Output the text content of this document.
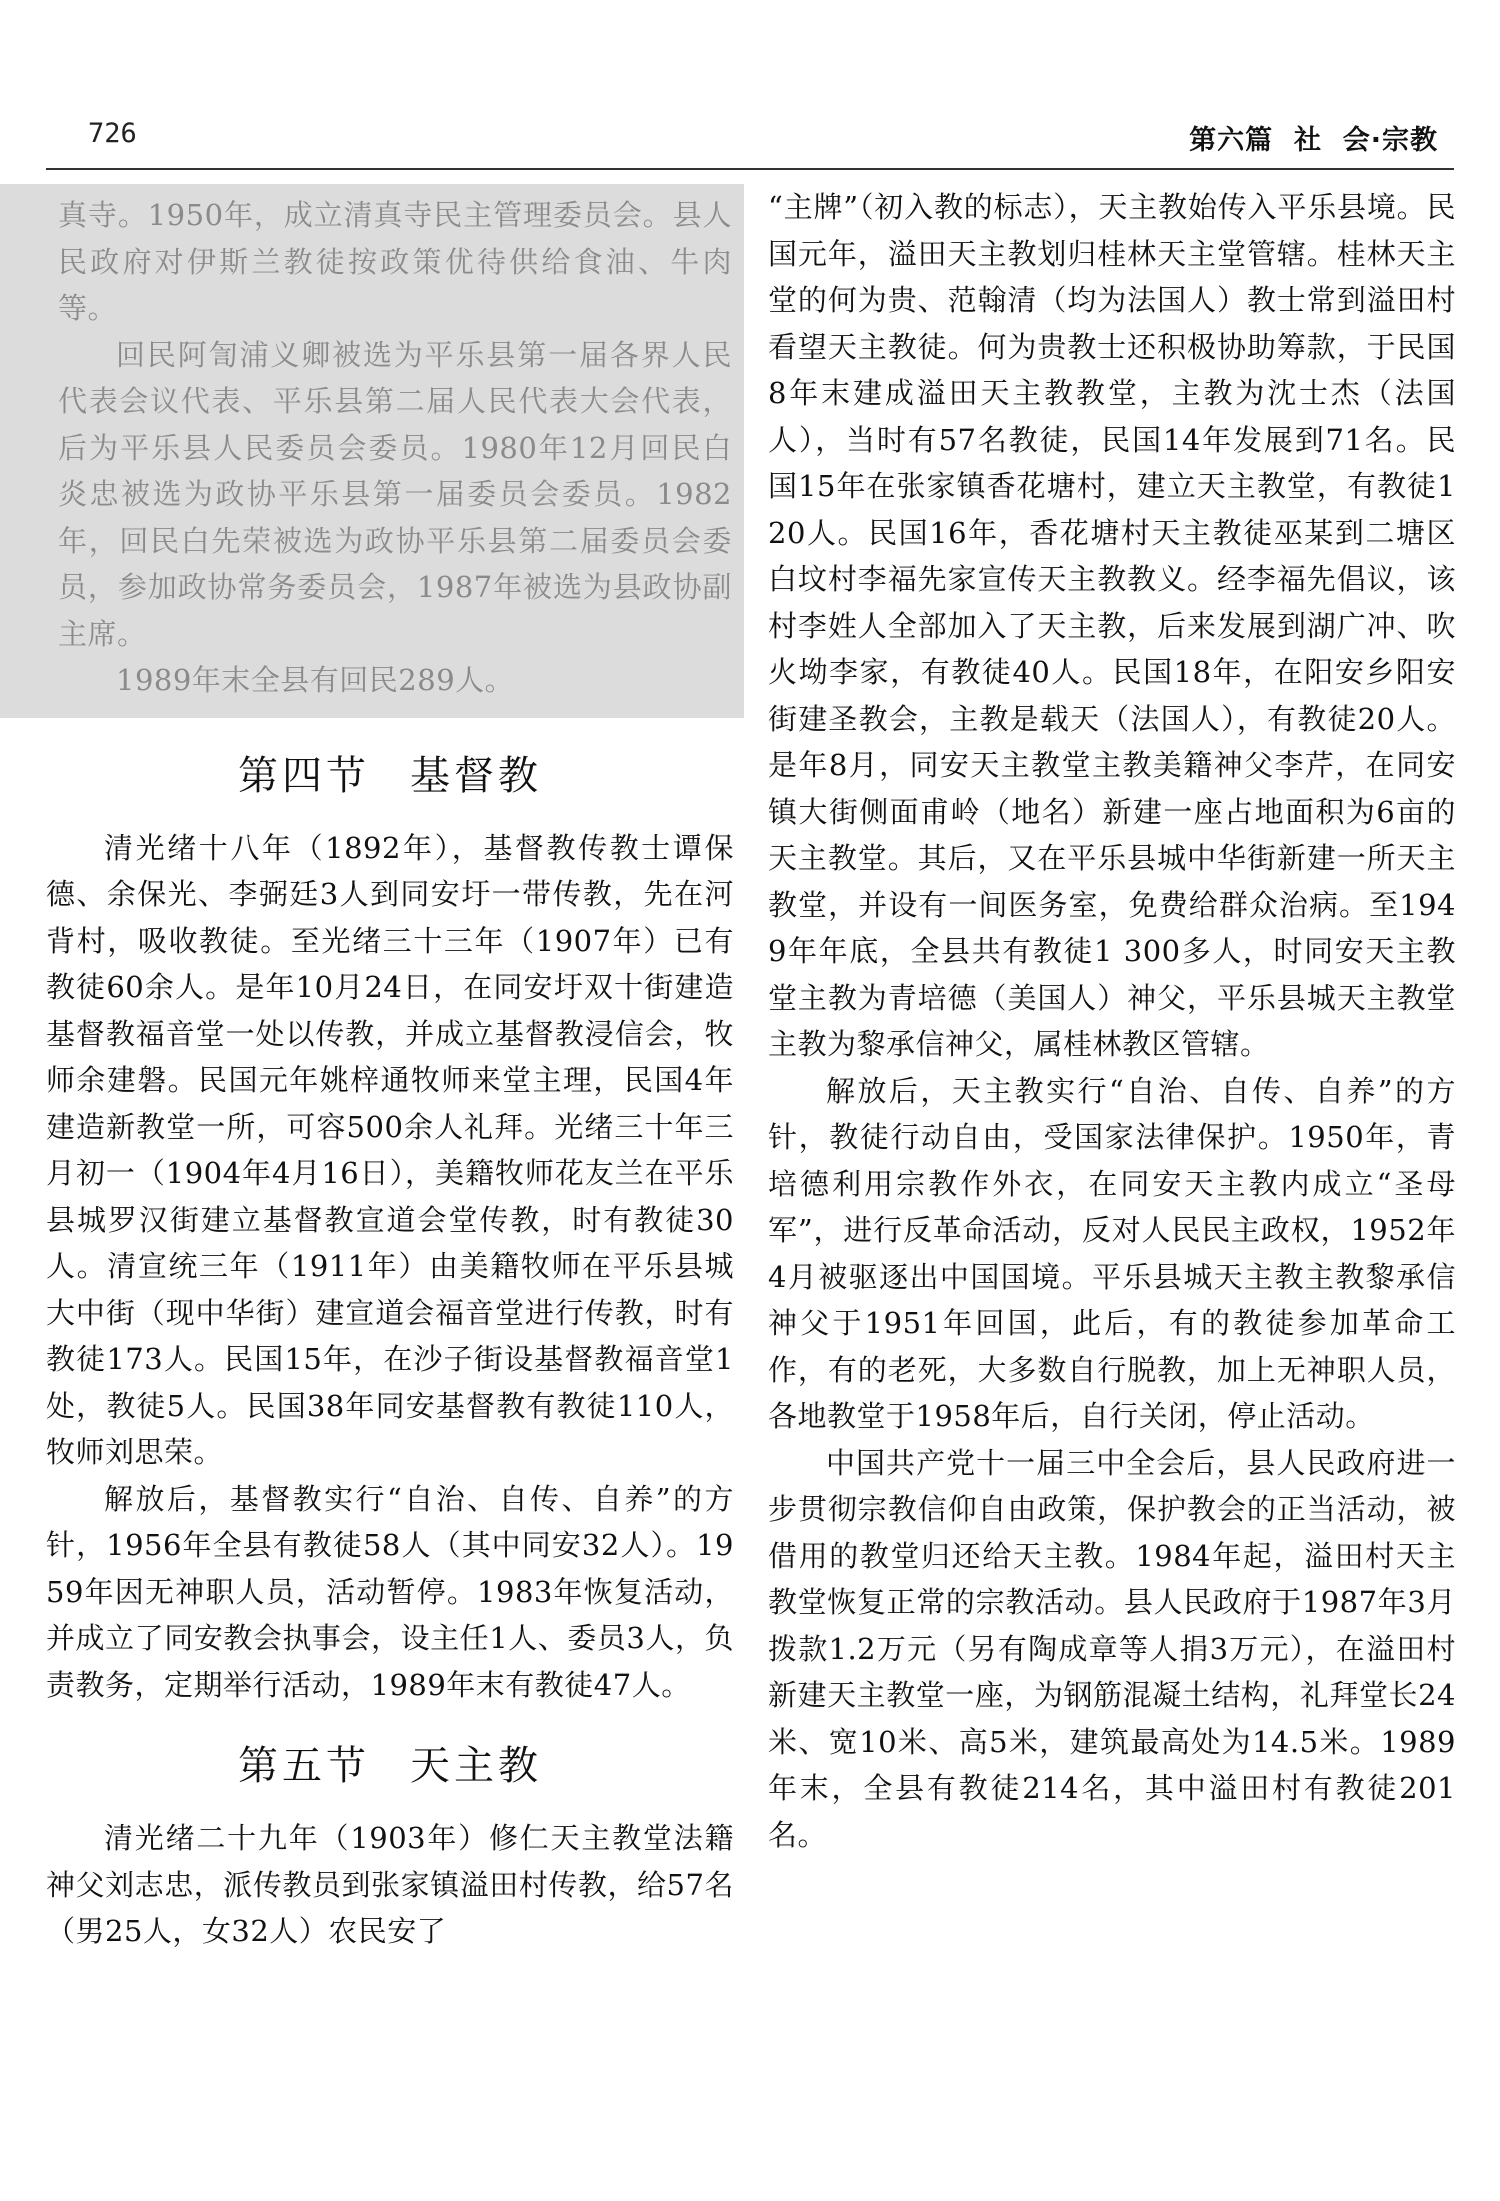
726	第六篇  社  会·宗教

真寺。1950年，成立清真寺民主管理委员会。县人民政府对伊斯兰教徒按政策优待供给食油、牛肉等。

回民阿訇浦义卿被选为平乐县第一届各界人民代表会议代表、平乐县第二届人民代表大会代表，后为平乐县人民委员会委员。1980年12月回民白炎忠被选为政协平乐县第一届委员会委员。1982年，回民白先荣被选为政协平乐县第二届委员会委员，参加政协常务委员会，1987年被选为县政协副主席。

1989年末全县有回民289人。

第四节 基督教

清光绪十八年（1892年），基督教传教士谭保德、余保光、李弼廷3人到同安圩一带传教，先在河背村，吸收教徒。至光绪三十三年（1907年）已有教徒60余人。是年10月24日，在同安圩双十街建造基督教福音堂一处以传教，并成立基督教浸信会，牧师余建磐。民国元年姚梓通牧师来堂主理，民国4年建造新教堂一所，可容500余人礼拜。光绪三十年三月初一（1904年4月16日），美籍牧师花友兰在平乐县城罗汉街建立基督教宣道会堂传教，时有教徒30人。清宣统三年（1911年）由美籍牧师在平乐县城大中街（现中华街）建宣道会福音堂进行传教，时有教徒173人。民国15年，在沙子街设基督教福音堂1处，教徒5人。民国38年同安基督教有教徒110人，牧师刘思荣。

解放后，基督教实行“自治、自传、自养”的方针，1956年全县有教徒58人（其中同安32人）。1959年因无神职人员，活动暂停。1983年恢复活动，并成立了同安教会执事会，设主任1人、委员3人，负责教务，定期举行活动，1989年末有教徒47人。

第五节 天主教

清光绪二十九年（1903年）修仁天主教堂法籍神父刘志忠，派传教员到张家镇溢田村传教，给57名（男25人，女32人）农民安了

“主牌”（初入教的标志），天主教始传入平乐县境。民国元年，溢田天主教划归桂林天主堂管辖。桂林天主堂的何为贵、范翰清（均为法国人）教士常到溢田村看望天主教徒。何为贵教士还积极协助筹款，于民国8年末建成溢田天主教教堂，主教为沈士杰（法国人），当时有57名教徒，民国14年发展到71名。民国15年在张家镇香花塘村，建立天主教堂，有教徒120人。民国16年，香花塘村天主教徒巫某到二塘区白坟村李福先家宣传天主教教义。经李福先倡议，该村李姓人全部加入了天主教，后来发展到湖广冲、吹火坳李家，有教徒40人。民国18年，在阳安乡阳安街建圣教会，主教是载天（法国人），有教徒20人。是年8月，同安天主教堂主教美籍神父李芹，在同安镇大街侧面甫岭（地名）新建一座占地面积为6亩的天主教堂。其后，又在平乐县城中华街新建一所天主教堂，并设有一间医务室，免费给群众治病。至1949年年底，全县共有教徒1 300多人，时同安天主教堂主教为青培德（美国人）神父，平乐县城天主教堂主教为黎承信神父，属桂林教区管辖。

解放后，天主教实行“自治、自传、自养”的方针，教徒行动自由，受国家法律保护。1950年，青培德利用宗教作外衣，在同安天主教内成立“圣母军”，进行反革命活动，反对人民民主政权，1952年4月被驱逐出中国国境。平乐县城天主教主教黎承信神父于1951年回国，此后，有的教徒参加革命工作，有的老死，大多数自行脱教，加上无神职人员，各地教堂于1958年后，自行关闭，停止活动。

中国共产党十一届三中全会后，县人民政府进一步贯彻宗教信仰自由政策，保护教会的正当活动，被借用的教堂归还给天主教。1984年起，溢田村天主教堂恢复正常的宗教活动。县人民政府于1987年3月拨款1.2万元（另有陶成章等人捐3万元），在溢田村新建天主教堂一座，为钢筋混凝土结构，礼拜堂长24米、宽10米、高5米，建筑最高处为14.5米。1989年末，全县有教徒214名，其中溢田村有教徒201名。
